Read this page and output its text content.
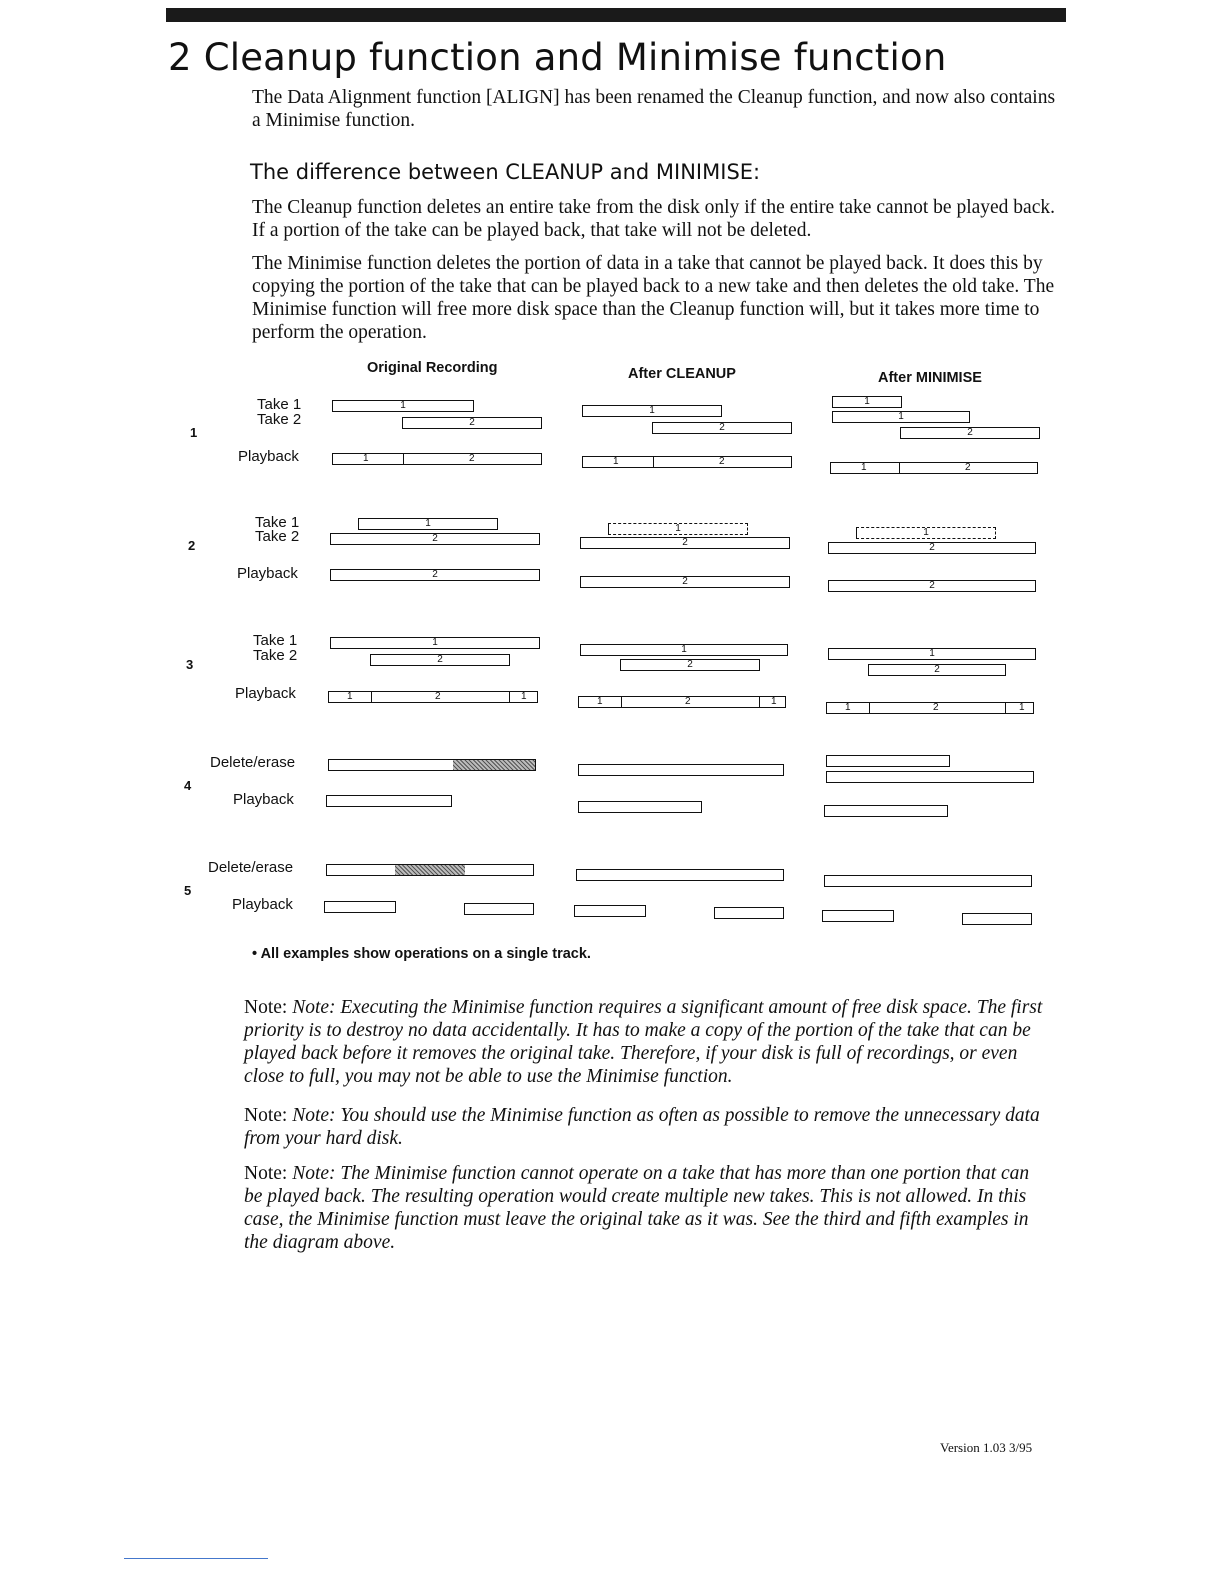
2 Cleanup function and Minimise function

The Data Alignment function [ALIGN] has been renamed the Cleanup function, and now also contains a Minimise function.

The difference between CLEANUP and MINIMISE:

The Cleanup function deletes an entire take from the disk only if the entire take cannot be played back. If a portion of the take can be played back, that take will not be deleted.

The Minimise function deletes the portion of data in a take that cannot be played back. It does this by copying the portion of the take that can be played back to a new take and then deletes the old take. The Minimise function will free more disk space than the Cleanup function will, but it takes more time to perform the operation.

Original Recording	After CLEANUP	After MINIMISE
1
Take 1
Take 2
Playback
1
2
1	2
1
2
1	2
1
1
2
1	2
2
Take 1
Take 2
Playback
1
2
2
1
2
2
1
2
2
3
Take 1
Take 2
Playback
1
2
1	2	1
1
2
1	2	1
1
2
1	2	1
4
Delete/erase
Playback
5
Delete/erase
Playback
• All examples show operations on a single track.

Note: Note: Executing the Minimise function requires a significant amount of free disk space. The first priority is to destroy no data accidentally. It has to make a copy of the portion of the take that can be played back before it removes the original take. Therefore, if your disk is full of recordings, or even close to full, you may not be able to use the Minimise function.

Note: Note: You should use the Minimise function as often as possible to remove the unnecessary data from your hard disk.

Note: Note: The Minimise function cannot operate on a take that has more than one portion that can be played back. The resulting operation would create multiple new takes. This is not allowed. In this case, the Minimise function must leave the original take as it was. See the third and fifth examples in the diagram above.

Version 1.03 3/95
